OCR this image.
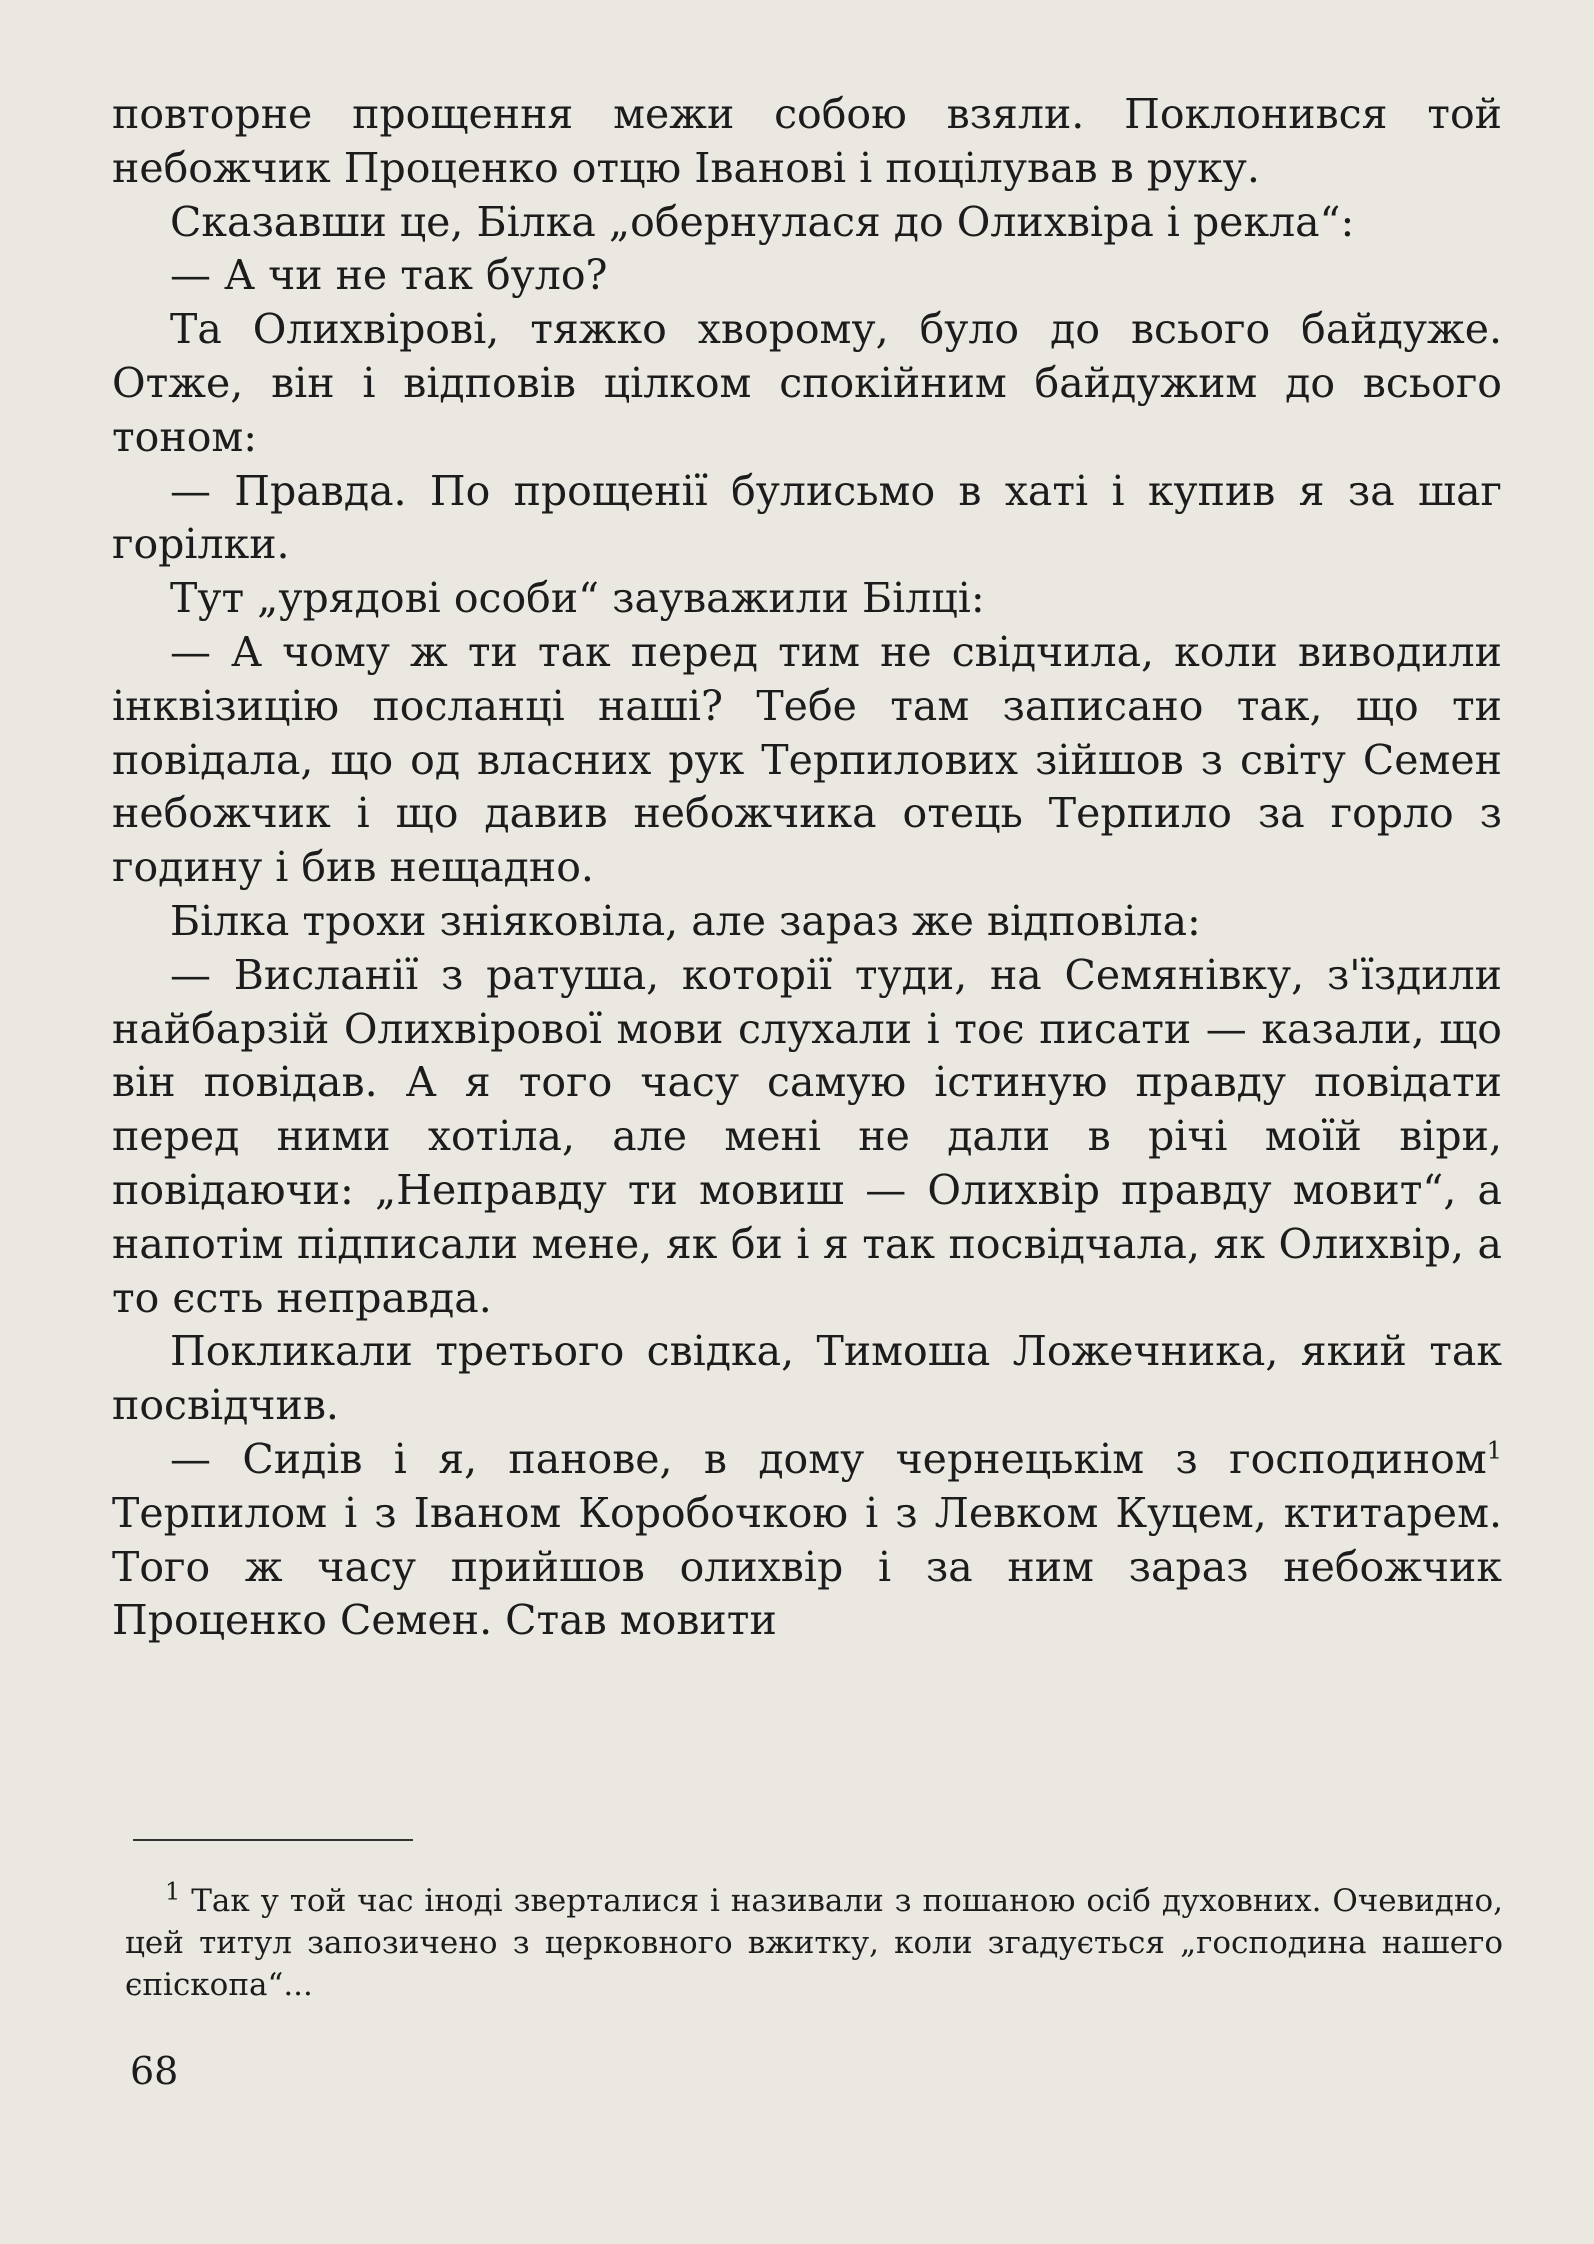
повторне прощення межи собою взяли. Поклонився той небожчик Проценко отцю Іванові і поцілував в руку.

Сказавши це, Білка „обернулася до Олихвіра і рекла“:

— А чи не так було?

Та Олихвірові, тяжко хворому, було до всього байдуже. Отже, він і відповів цілком спокійним байдужим до всього тоном:

— Правда. По прощенії булисьмо в хаті і купив я за шаг горілки.

Тут „урядові особи“ зауважили Білці:

— А чому ж ти так перед тим не свідчила, коли виводили інквізицію посланці наші? Тебе там записано так, що ти повідала, що од власних рук Терпилових зійшов з світу Семен небожчик і що давив небожчика отець Терпило за горло з годину і бив нещадно.

Білка трохи зніяковіла, але зараз же відповіла:

— Висланії з ратуша, которії туди, на Семянівку, з'їздили найбарзій Олихвірової мови слухали і тоє писати — казали, що він повідав. А я того часу самую істиную правду повідати перед ними хотіла, але мені не дали в річі моїй віри, повідаючи: „Неправду ти мовиш — Олихвір правду мовит“, а напотім підписали мене, як би і я так посвідчала, як Олихвір, а то єсть неправда.

Покликали третього свідка, Тимоша Ложечника, який так посвідчив.

— Сидів і я, панове, в дому чернецькім з господином$^1$ Терпилом і з Іваном Коробочкою і з Левком Куцем, ктитарем. Того ж часу прийшов олихвір і за ним зараз небожчик Проценко Семен. Став мовити

$^1$ Так у той час іноді зверталися і називали з пошаною осіб духовних. Очевидно, цей титул запозичено з церковного вжитку, коли згадується „господина нашего єпіскопа“...

68
